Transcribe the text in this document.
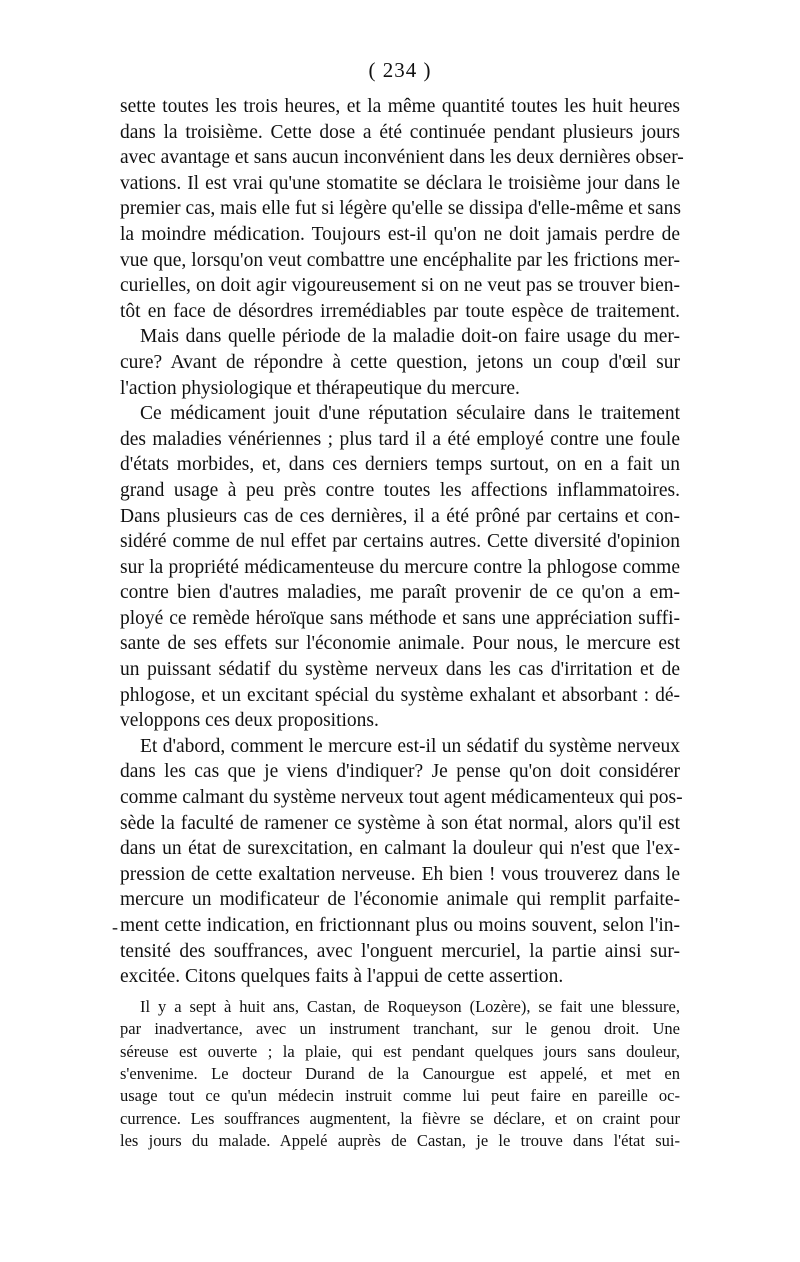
( 234 )
sette toutes les trois heures, et la même quantité toutes les huit heures
dans la troisième. Cette dose a été continuée pendant plusieurs jours
avec avantage et sans aucun inconvénient dans les deux dernières obser-
vations. Il est vrai qu'une stomatite se déclara le troisième jour dans le
premier cas, mais elle fut si légère qu'elle se dissipa d'elle-même et sans
la moindre médication. Toujours est-il qu'on ne doit jamais perdre de
vue que, lorsqu'on veut combattre une encéphalite par les frictions mer-
curielles, on doit agir vigoureusement si on ne veut pas se trouver bien-
tôt en face de désordres irremédiables par toute espèce de traitement.
Mais dans quelle période de la maladie doit-on faire usage du mer-
cure? Avant de répondre à cette question, jetons un coup d'œil sur
l'action physiologique et thérapeutique du mercure.
Ce médicament jouit d'une réputation séculaire dans le traitement
des maladies vénériennes ; plus tard il a été employé contre une foule
d'états morbides, et, dans ces derniers temps surtout, on en a fait un
grand usage à peu près contre toutes les affections inflammatoires.
Dans plusieurs cas de ces dernières, il a été prôné par certains et con-
sidéré comme de nul effet par certains autres. Cette diversité d'opinion
sur la propriété médicamenteuse du mercure contre la phlogose comme
contre bien d'autres maladies, me paraît provenir de ce qu'on a em-
ployé ce remède héroïque sans méthode et sans une appréciation suffi-
sante de ses effets sur l'économie animale. Pour nous, le mercure est
un puissant sédatif du système nerveux dans les cas d'irritation et de
phlogose, et un excitant spécial du système exhalant et absorbant : dé-
veloppons ces deux propositions.
Et d'abord, comment le mercure est-il un sédatif du système nerveux
dans les cas que je viens d'indiquer? Je pense qu'on doit considérer
comme calmant du système nerveux tout agent médicamenteux qui pos-
sède la faculté de ramener ce système à son état normal, alors qu'il est
dans un état de surexcitation, en calmant la douleur qui n'est que l'ex-
pression de cette exaltation nerveuse. Eh bien ! vous trouverez dans le
mercure un modificateur de l'économie animale qui remplit parfaite-
ment cette indication, en frictionnant plus ou moins souvent, selon l'in-
tensité des souffrances, avec l'onguent mercuriel, la partie ainsi sur-
excitée. Citons quelques faits à l'appui de cette assertion.
Il y a sept à huit ans, Castan, de Roqueyson (Lozère), se fait une blessure,
par inadvertance, avec un instrument tranchant, sur le genou droit. Une
séreuse est ouverte ; la plaie, qui est pendant quelques jours sans douleur,
s'envenime. Le docteur Durand de la Canourgue est appelé, et met en
usage tout ce qu'un médecin instruit comme lui peut faire en pareille oc-
currence. Les souffrances augmentent, la fièvre se déclare, et on craint pour
les jours du malade. Appelé auprès de Castan, je le trouve dans l'état sui-
-
